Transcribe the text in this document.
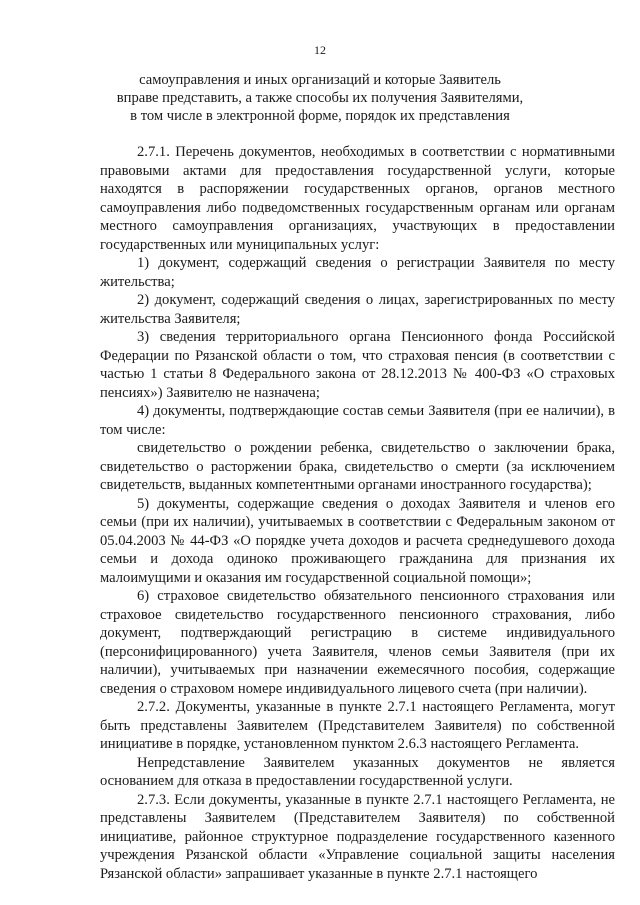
12
самоуправления и иных организаций и которые Заявитель
вправе представить, а также способы их получения Заявителями,
в том числе в электронной форме, порядок их представления

2.7.1. Перечень документов, необходимых в соответствии с нормативными правовыми актами для предоставления государственной услуги, которые находятся в распоряжении государственных органов, органов местного самоуправления либо подведомственных государственным органам или органам местного самоуправления организациях, участвующих в предоставлении государственных или муниципальных услуг:

1) документ, содержащий сведения о регистрации Заявителя по месту жительства;

2) документ, содержащий сведения о лицах, зарегистрированных по месту жительства Заявителя;

3) сведения территориального органа Пенсионного фонда Российской Федерации по Рязанской области о том, что страховая пенсия (в соответствии с частью 1 статьи 8 Федерального закона от 28.12.2013 № 400-ФЗ «О страховых пенсиях») Заявителю не назначена;

4) документы, подтверждающие состав семьи Заявителя (при ее наличии), в том числе:

свидетельство о рождении ребенка, свидетельство о заключении брака, свидетельство о расторжении брака, свидетельство о смерти (за исключением свидетельств, выданных компетентными органами иностранного государства);

5) документы, содержащие сведения о доходах Заявителя и членов его семьи (при их наличии), учитываемых в соответствии с Федеральным законом от 05.04.2003 № 44-ФЗ «О порядке учета доходов и расчета среднедушевого дохода семьи и дохода одиноко проживающего гражданина для признания их малоимущими и оказания им государственной социальной помощи»;

6) страховое свидетельство обязательного пенсионного страхования или страховое свидетельство государственного пенсионного страхования, либо документ, подтверждающий регистрацию в системе индивидуального (персонифицированного) учета Заявителя, членов семьи Заявителя (при их наличии), учитываемых при назначении ежемесячного пособия, содержащие сведения о страховом номере индивидуального лицевого счета (при наличии).

2.7.2. Документы, указанные в пункте 2.7.1 настоящего Регламента, могут быть представлены Заявителем (Представителем Заявителя) по собственной инициативе в порядке, установленном пунктом 2.6.3 настоящего Регламента.

Непредставление Заявителем указанных документов не является основанием для отказа в предоставлении государственной услуги.

2.7.3. Если документы, указанные в пункте 2.7.1 настоящего Регламента, не представлены Заявителем (Представителем Заявителя) по собственной инициативе, районное структурное подразделение государственного казенного учреждения Рязанской области «Управление социальной защиты населения Рязанской области» запрашивает указанные в пункте 2.7.1 настоящего
